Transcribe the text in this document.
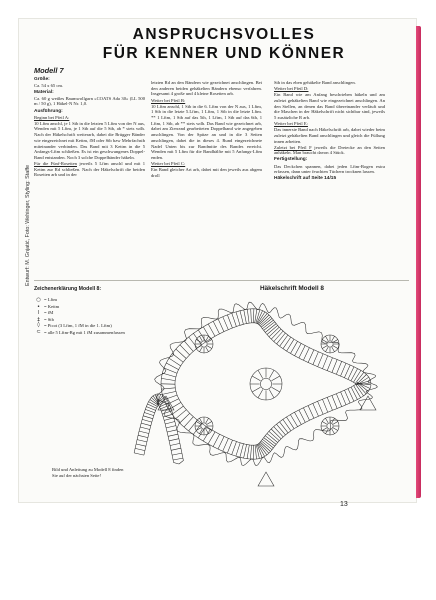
ANSPRUCHSVOLLES
FÜR KENNER UND KÖNNER
Entwurf: M. Gnjatić, Foto: Wehinger, Styling: Staffe
Modell 7

Größe:

Ca. 54 x 65 cm.

Material:

Ca. 60 g weißes Baumwollgarn »COATS Ada 30« (LL 500 m / 50 g), 1 Häkel-N Nr. 1,0.

Ausführung:

Beginn bei Pfeil A:

10 Lftm anschl, je 1 Stb in die letzten 5 Lftm von der N aus, Wenden mit 5 Lftm, je 1 Stb auf die 5 Stb, ab * stets wdh. Nach der Häkelschrift weiterarb, dabei die Brügger Bänder wie eingezeichnet mit Kettm, fM oder Stb bzw Mehrfachstb miteinander verbinden. Das Band mit 3 Kettm in die 5 Anfangs-Lftm schließen. Es ist ein geschwungenes Doppel-Band entstanden. Noch 3 solche Doppelbänder häkeln.

Für die Fünf-Rosetten jeweils 5 Lftm anschl und mit 1 Kettm zur Rd schließen. Nach der Häkelschrift die beiden Rosetten arb und in der

letzten Rd an den Bändern wie gezeichnet anschlingen. Bei den anderen beiden gehäkelten Bändern ebenso verfahren. Insgesamt 4 große und 4 kleine Rosetten arb.

Weiter bei Pfeil B:

10 Lftm anschl, 1 Stb in die 6. Lftm von der N aus, 1 Lftm, 1 Stb in die letzte 5.Lftm, 1 Lftm, 1 Stb in die letzte Lftm. ** 1 Lftm, 1 Stb auf das 5th, 1 Lftm, 1 Stb auf das 6th, 1 Lftm, 1 Stb, ab ** stets wdh. Das Band wie gezeichnet arb, dabei am Zierrand gearbeiteten Doppelband wie angegeben anschlingen. Von der Spitze an und in die 3 Seiten anschlingen, dabei die in dieses 4. Rund eingezeichnete Nadel Unten bis zur Bandmitte des Bandes erreicht. Wenden mit 5 Lftm für die Bandhälfte mit 5 Anfangs-Lftm enden.

Weiter bei Pfeil C:

Ein Band gleicher Art arb, dabei mit den jeweils aus abgem droll

Stb in das eben gehäkelte Band anschlingen.

Weiter bei Pfeil D:

Ein Band wie am Anfang beschrieben häkeln und am zuletzt gehäkelten Band wie eingezeichnet anschlingen. An den Stellen, an denen das Band übereinander verläuft und die Maschen in der Häkelschrift nicht sichtbar sind, jeweils 5 zusätzliche R arb.

Weiter bei Pfeil E:

Das innerste Band nach Häkelschrift arb, dabei wieder beim zuletzt gehäkelten Band anschlingen und gleich die Füllung innen arbeiten.

Zuletzt bei Pfeil F jeweils die Dreiecke an den Seiten anhäkeln. Man braucht davon 4 Stück.

Fertigstellung:

Das Deckchen spannen, dabei jeden Lftm-Bogen extra erfassen, dann unter feuchten Tüchern trocknen lassen.

Häkelschrift auf Seite 14/15

Zeichenerklärung Modell 8:
○ = Lftm
• = Kettm
l	= fM
‡ = Stb
◊ = Picot (3 Lftm, 1 fM in die 1. Lftm)
⊂ = alle 5 Lftm-Bg mit 1 fM zusammenfassen
Häkelschrift Modell 8
Bild und Anleitung zu Modell 8 finden Sie auf der nächsten Seite!
13
